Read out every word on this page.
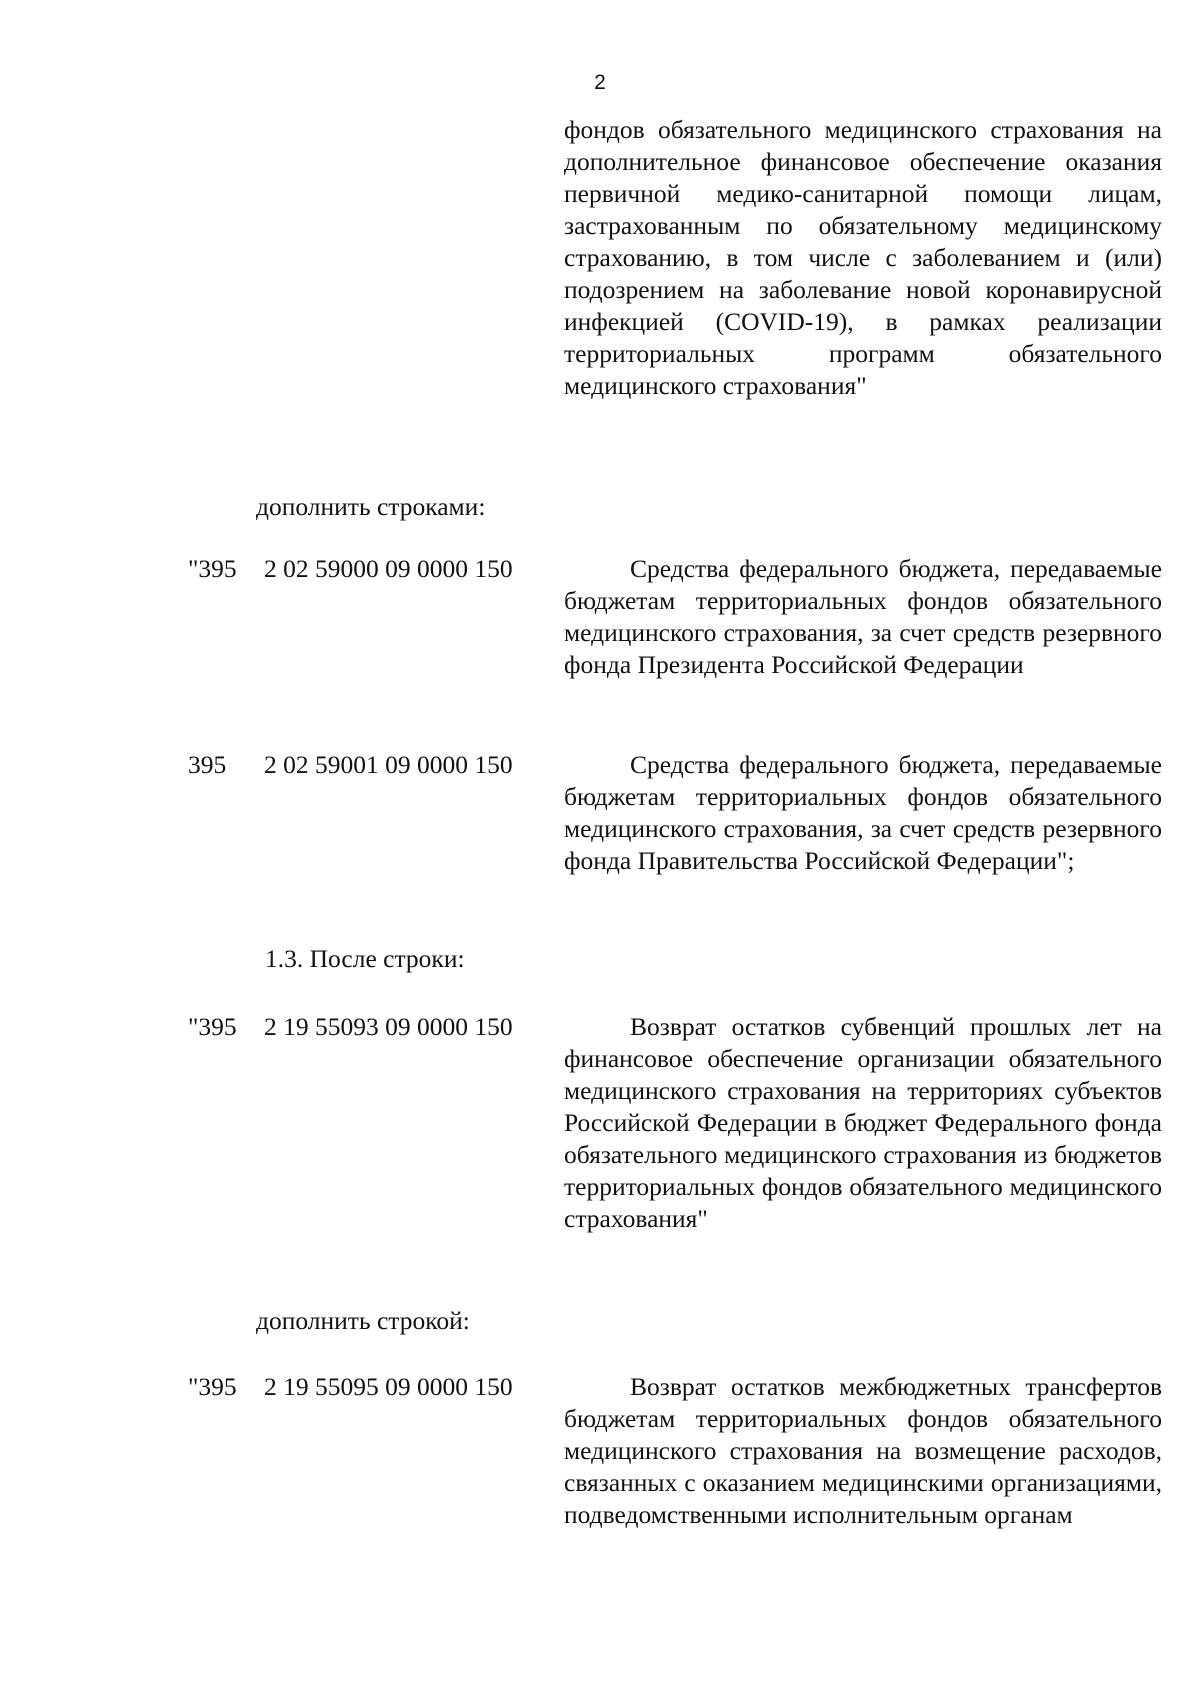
2
фондов обязательного медицинского страхования на дополнительное финансовое обеспечение оказания первичной медико-санитарной помощи лицам, застрахованным по обязательному медицинскому страхованию, в том числе с заболеванием и (или) подозрением на заболевание новой коронавирусной инфекцией (COVID-19), в рамках реализации территориальных программ обязательного медицинского страхования"
дополнить строками:
"395 2 02 59000 09 0000 150	Средства федерального бюджета, передаваемые бюджетам территориальных фондов обязательного медицинского страхования, за счет средств резервного фонда Президента Российской Федерации
395 2 02 59001 09 0000 150	Средства федерального бюджета, передаваемые бюджетам территориальных фондов обязательного медицинского страхования, за счет средств резервного фонда Правительства Российской Федерации";
1.3. После строки:
"395 2 19 55093 09 0000 150	Возврат остатков субвенций прошлых лет на финансовое обеспечение организации обязательного медицинского страхования на территориях субъектов Российской Федерации в бюджет Федерального фонда обязательного медицинского страхования из бюджетов территориальных фондов обязательного медицинского страхования"
дополнить строкой:
"395 2 19 55095 09 0000 150	Возврат остатков межбюджетных трансфертов бюджетам территориальных фондов обязательного медицинского страхования на возмещение расходов, связанных с оказанием медицинскими организациями, подведомственными исполнительным органам
